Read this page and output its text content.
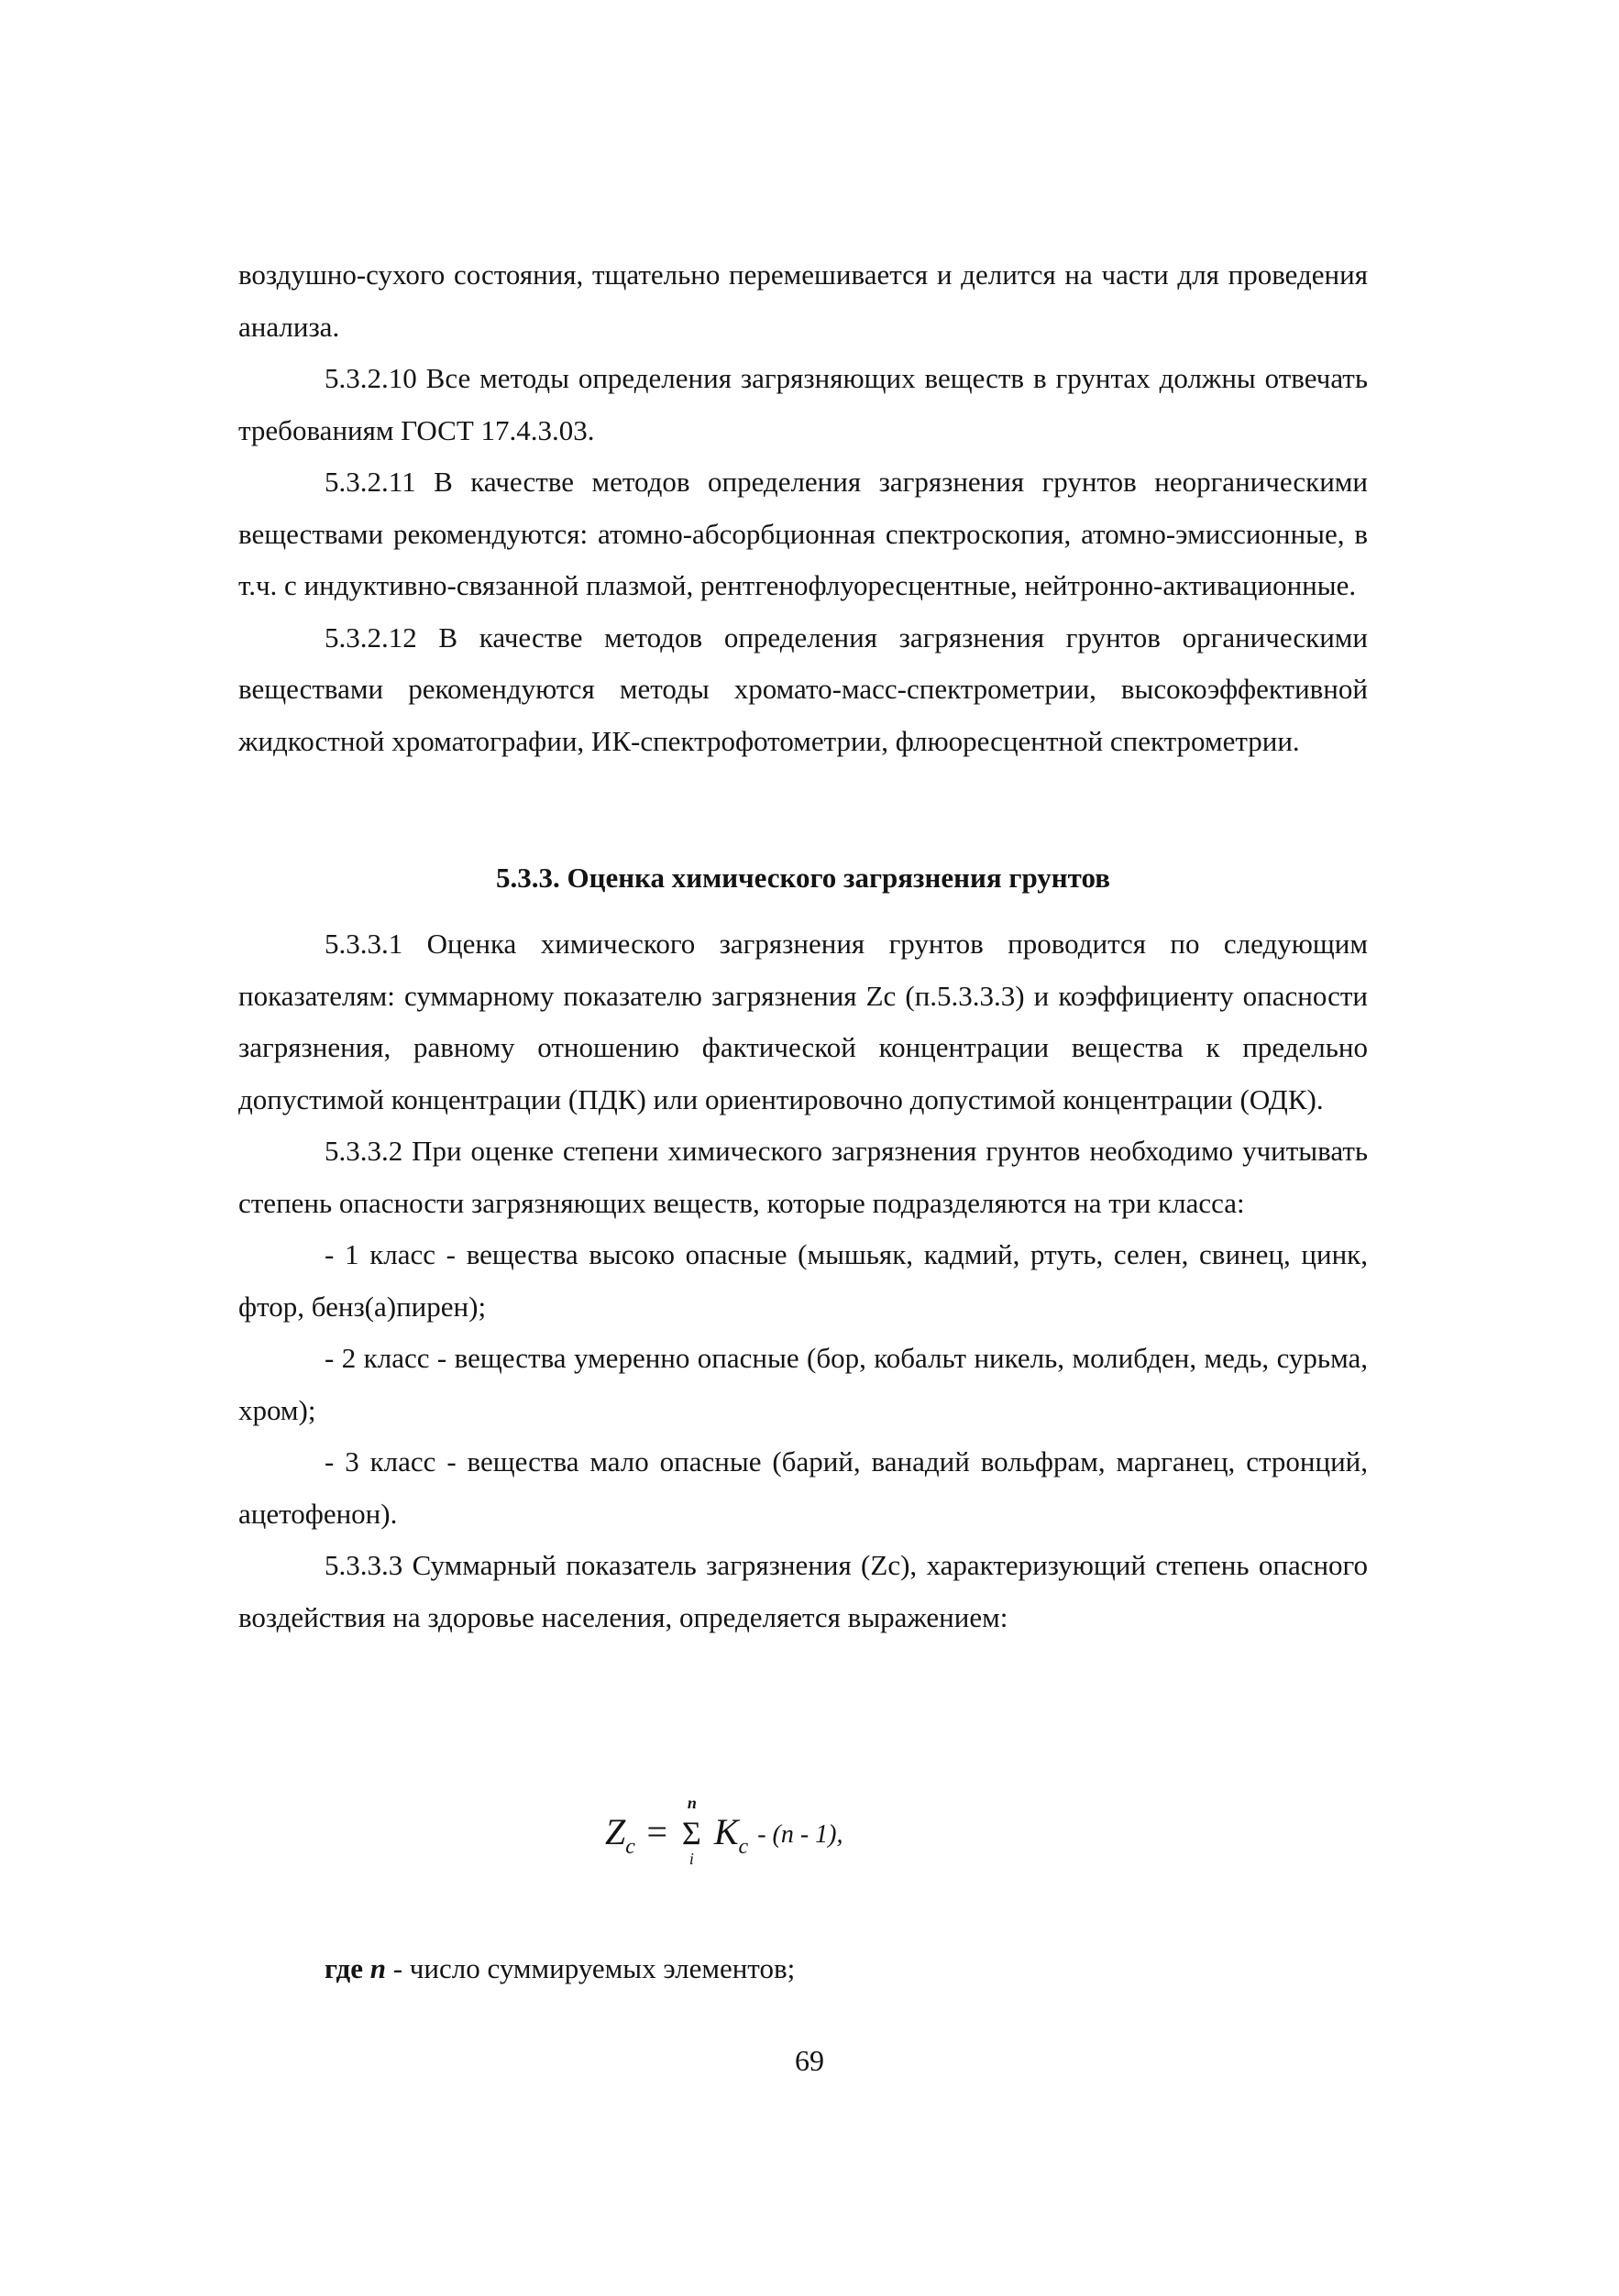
воздушно-сухого состояния, тщательно перемешивается и делится на части для проведения анализа.

5.3.2.10 Все методы определения загрязняющих веществ в грунтах должны отвечать требованиям ГОСТ 17.4.3.03.

5.3.2.11 В качестве методов определения загрязнения грунтов неорганическими веществами рекомендуются: атомно-абсорбционная спектроскопия, атомно-эмиссионные, в т.ч. с индуктивно-связанной плазмой, рентгенофлуоресцентные, нейтронно-активационные.

5.3.2.12 В качестве методов определения загрязнения грунтов органическими веществами рекомендуются методы хромато-масс-спектрометрии, высокоэффективной жидкостной хроматографии, ИК-спектрофотометрии, флюоресцентной спектрометрии.

5.3.3. Оценка химического загрязнения грунтов

5.3.3.1 Оценка химического загрязнения грунтов проводится по следующим показателям: суммарному показателю загрязнения Zc (п.5.3.3.3) и коэффициенту опасности загрязнения, равному отношению фактической концентрации вещества к предельно допустимой концентрации (ПДК) или ориентировочно допустимой концентрации (ОДК).

5.3.3.2 При оценке степени химического загрязнения грунтов необходимо учитывать степень опасности загрязняющих веществ, которые подразделяются на три класса:

- 1 класс - вещества высоко опасные (мышьяк, кадмий, ртуть, селен, свинец, цинк, фтор, бенз(а)пирен);

- 2 класс - вещества умеренно опасные (бор, кобальт никель, молибден, медь, сурьма, хром);

- 3 класс - вещества мало опасные (барий, ванадий вольфрам, марганец, стронций, ацетофенон).

5.3.3.3 Суммарный показатель загрязнения (Zc), характеризующий степень опасного воздействия на здоровье населения, определяется выражением:

$Z_c$ =
n
Σ
i
$K_c - (n - 1)$,

где n - число суммируемых элементов;

69
